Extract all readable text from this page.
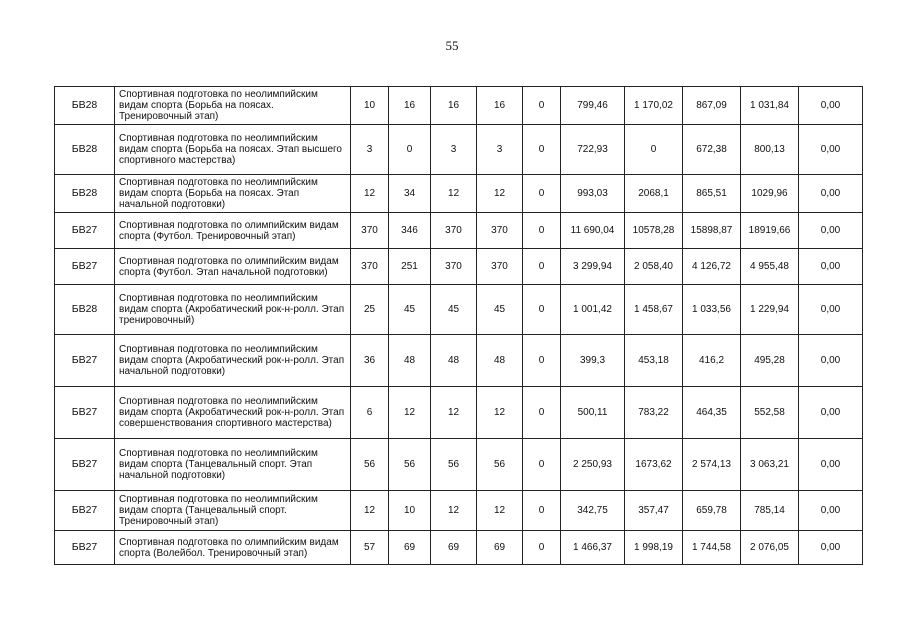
55
БВ28	Спортивная подготовка по неолимпийским видам спорта (Борьба на поясах. Тренировочный этап)	10	16	16	16	0	799,46	1 170,02	867,09	1 031,84	0,00
БВ28	Спортивная подготовка по неолимпийским видам спорта (Борьба на поясах. Этап высшего спортивного мастерства)	3	0	3	3	0	722,93	0	672,38	800,13	0,00
БВ28	Спортивная подготовка по неолимпийским видам спорта (Борьба на поясах. Этап начальной подготовки)	12	34	12	12	0	993,03	2068,1	865,51	1029,96	0,00
БВ27	Спортивная подготовка по олимпийским видам спорта (Футбол. Тренировочный этап)	370	346	370	370	0	11 690,04	10578,28	15898,87	18919,66	0,00
БВ27	Спортивная подготовка по олимпийским видам спорта (Футбол. Этап начальной подготовки)	370	251	370	370	0	3 299,94	2 058,40	4 126,72	4 955,48	0,00
БВ28	Спортивная подготовка по неолимпийским видам спорта (Акробатический рок-н-ролл. Этап тренировочный)	25	45	45	45	0	1 001,42	1 458,67	1 033,56	1 229,94	0,00
БВ27	Спортивная подготовка по неолимпийским видам спорта (Акробатический рок-н-ролл. Этап начальной подготовки)	36	48	48	48	0	399,3	453,18	416,2	495,28	0,00
БВ27	Спортивная подготовка по неолимпийским видам спорта (Акробатический рок-н-ролл. Этап совершенствования спортивного мастерства)	6	12	12	12	0	500,11	783,22	464,35	552,58	0,00
БВ27	Спортивная подготовка по неолимпийским видам спорта (Танцевальный спорт. Этап начальной подготовки)	56	56	56	56	0	2 250,93	1673,62	2 574,13	3 063,21	0,00
БВ27	Спортивная подготовка по неолимпийским видам спорта (Танцевальный спорт. Тренировочный этап)	12	10	12	12	0	342,75	357,47	659,78	785,14	0,00
БВ27	Спортивная подготовка по олимпийским видам спорта (Волейбол. Тренировочный этап)	57	69	69	69	0	1 466,37	1 998,19	1 744,58	2 076,05	0,00
